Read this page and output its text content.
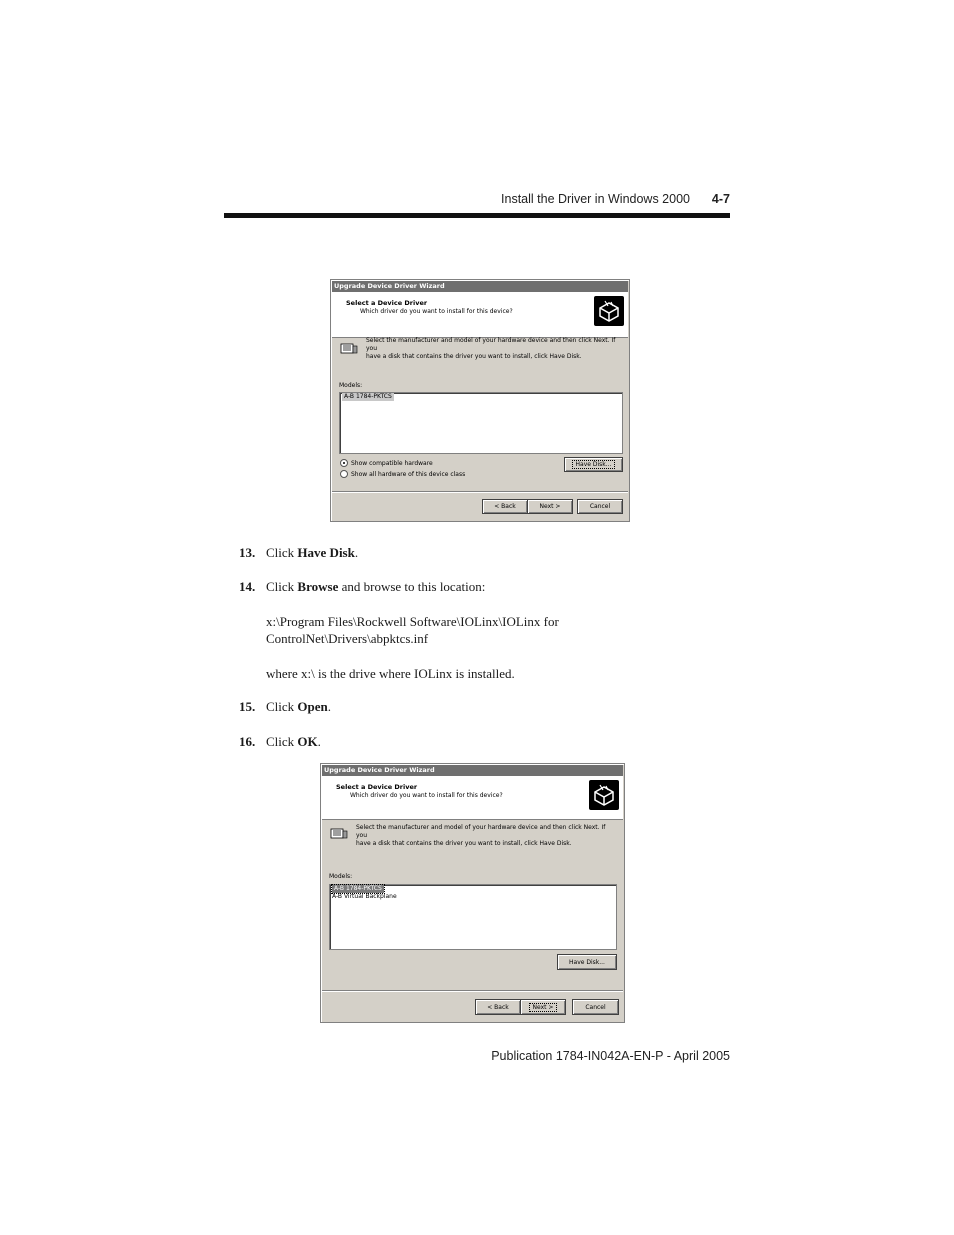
Install the Driver in Windows 2000	4-7
Upgrade Device Driver Wizard
Select a Device Driver
Which driver do you want to install for this device?
Select the manufacturer and model of your hardware device and then click Next. If you
have a disk that contains the driver you want to install, click Have Disk.
Models:
A-B 1784-PKTCS
Show compatible hardware
Show all hardware of this device class
Have Disk...
< Back	Next >	Cancel
13. Click Have Disk.
14. Click Browse and browse to this location:
x:\Program Files\Rockwell Software\IOLinx\IOLinx for
ControlNet\Drivers\abpktcs.inf
where x:\ is the drive where IOLinx is installed.
15. Click Open.
16. Click OK.
Upgrade Device Driver Wizard
Select a Device Driver
Which driver do you want to install for this device?
Select the manufacturer and model of your hardware device and then click Next. If you
have a disk that contains the driver you want to install, click Have Disk.
Models:
A-B 1784-PKTCS
A-B Virtual Backplane
Have Disk...
< Back	Next >	Cancel
Publication 1784-IN042A-EN-P - April 2005
